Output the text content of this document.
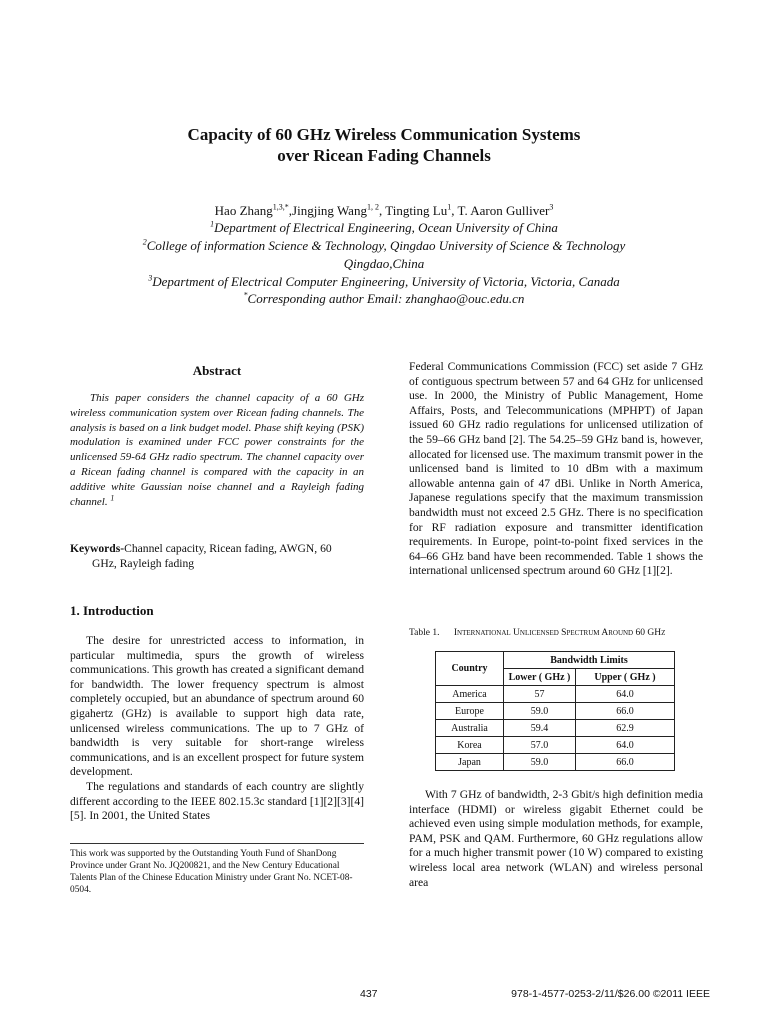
Capacity of 60 GHz Wireless Communication Systems
over Ricean Fading Channels
Hao Zhang$^{1,3,*}$,Jingjing Wang$^{1, 2}$, Tingting Lu$^1$, T. Aaron Gulliver$^3$
$^1$Department of Electrical Engineering, Ocean University of China
$^2$College of information Science & Technology, Qingdao University of Science & Technology
Qingdao,China
$^3$Department of Electrical Computer Engineering, University of Victoria, Victoria, Canada
*Corresponding author Email: zhanghao@ouc.edu.cn
Abstract
This paper considers the channel capacity of a 60 GHz wireless communication system over Ricean fading channels. The analysis is based on a link budget model. Phase shift keying (PSK) modulation is examined under FCC power constraints for the unlicensed 59-64 GHz radio spectrum. The channel capacity over a Ricean fading channel is compared with the capacity in an additive white Gaussian noise channel and a Rayleigh fading channel. $^1$
Keywords-Channel capacity, Ricean fading, AWGN, 60
GHz, Rayleigh fading
1. Introduction

The desire for unrestricted access to information, in particular multimedia, spurs the growth of wireless communications. This growth has created a significant demand for bandwidth. The lower frequency spectrum is almost completely occupied, but an abundance of spectrum around 60 gigahertz (GHz) is available to support high data rate, unlicensed wireless communications. The up to 7 GHz of bandwidth is very suitable for short-range wireless communications, and is an excellent prospect for future system development.

The regulations and standards of each country are slightly different according to the IEEE 802.15.3c standard [1][2][3][4][5]. In 2001, the United States

This work was supported by the Outstanding Youth Fund of ShanDong Province under Grant No. JQ200821, and the New Century Educational Talents Plan of the Chinese Education Ministry under Grant No. NCET-08-0504.
Federal Communications Commission (FCC) set aside 7 GHz of contiguous spectrum between 57 and 64 GHz for unlicensed use. In 2000, the Ministry of Public Management, Home Affairs, Posts, and Telecommunications (MPHPT) of Japan issued 60 GHz radio regulations for unlicensed utilization of the 59–66 GHz band [2]. The 54.25–59 GHz band is, however, allocated for licensed use. The maximum transmit power in the unlicensed band is limited to 10 dBm with a maximum allowable antenna gain of 47 dBi. Unlike in North America, Japanese regulations specify that the maximum transmission bandwidth must not exceed 2.5 GHz. There is no specification for RF radiation exposure and transmitter identification requirements. In Europe, point-to-point fixed services in the 64–66 GHz band have been recommended. Table 1 shows the international unlicensed spectrum around 60 GHz [1][2].
Table 1. International Unlicensed Spectrum Around 60 GHz
Country	Bandwidth Limits	
	Lower ( GHz )	Upper ( GHz )
America	57	64.0
Europe	59.0	66.0
Australia	59.4	62.9
Korea	57.0	64.0
Japan	59.0	66.0

With 7 GHz of bandwidth, 2-3 Gbit/s high definition media interface (HDMI) or wireless gigabit Ethernet could be achieved even using simple modulation methods, for example, PAM, PSK and QAM. Furthermore, 60 GHz regulations allow for a much higher transmit power (10 W) compared to existing wireless local area network (WLAN) and wireless personal area

437	978-1-4577-0253-2/11/$26.00 ©2011 IEEE
